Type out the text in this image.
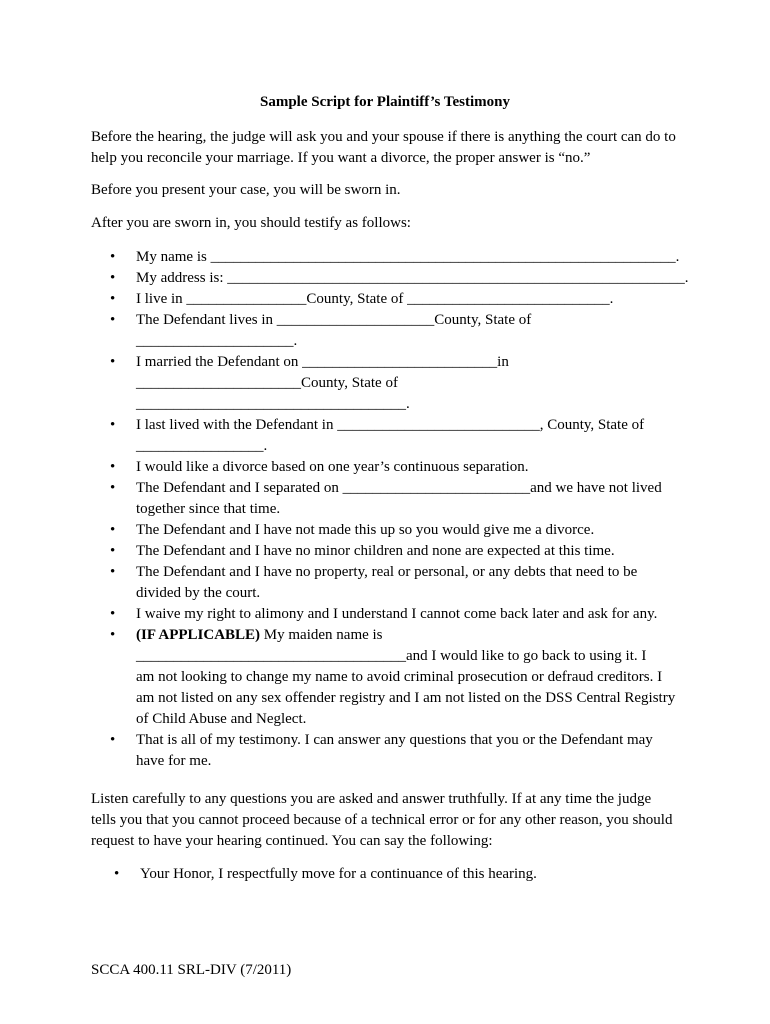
Sample Script for Plaintiff’s Testimony

Before the hearing, the judge will ask you and your spouse if there is anything the court can do to
help you reconcile your marriage. If you want a divorce, the proper answer is “no.”

Before you present your case, you will be sworn in.

After you are sworn in, you should testify as follows:

• My name is ______________________________________________________________.
• My address is: _____________________________________________________________.
• I live in ________________County, State of ___________________________.
• The Defendant lives in _____________________County, State of
_____________________.
• I married the Defendant on __________________________in
______________________County, State of
____________________________________.
• I last lived with the Defendant in ___________________________, County, State of
_________________.
• I would like a divorce based on one year’s continuous separation.
• The Defendant and I separated on _________________________and we have not lived
together since that time.
• The Defendant and I have not made this up so you would give me a divorce.
• The Defendant and I have no minor children and none are expected at this time.
• The Defendant and I have no property, real or personal, or any debts that need to be
divided by the court.
• I waive my right to alimony and I understand I cannot come back later and ask for any.
• (IF APPLICABLE) My maiden name is
____________________________________and I would like to go back to using it. I
am not looking to change my name to avoid criminal prosecution or defraud creditors. I
am not listed on any sex offender registry and I am not listed on the DSS Central Registry
of Child Abuse and Neglect.
• That is all of my testimony. I can answer any questions that you or the Defendant may
have for me.

Listen carefully to any questions you are asked and answer truthfully. If at any time the judge
tells you that you cannot proceed because of a technical error or for any other reason, you should
request to have your hearing continued. You can say the following:

• Your Honor, I respectfully move for a continuance of this hearing.
SCCA 400.11 SRL-DIV (7/2011)
